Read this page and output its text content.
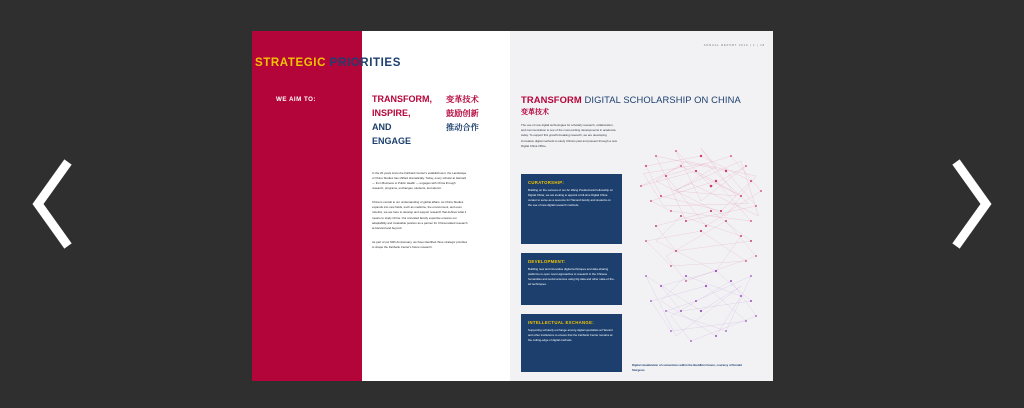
STRATEGIC PRIORITIES
WE AIM TO:	TRANSFORM,
INSPIRE,
AND
ENGAGE
变革技术
鼓励创新
推动合作

In the 20 years since the Fairbank Center's establishment, the Landscape of China Studies has shifted dramatically. Today, every scholar at Harvard — from Business to Public Health — engages with China through research, programs, exchanges, students, and alumni.

China is central to our understanding of global affairs. As China Studies expands into new fields, such as medicine, the environment, and even robotics, we are here to develop and support research that defines what it means to study China. Our unrivaled faculty expertise ensures our adaptability and invaluable position as a partner for China-related research at Harvard and beyond.

As part of our 60th Anniversary, we have identified three strategic priorities to shape the Fairbank Center's future research.

ANNUAL REPORT 2019 | 1 | 18
TRANSFORM DIGITAL SCHOLARSHIP ON CHINA
变革技术

The use of new digital technologies for scholarly research, collaboration, and communication is one of the most exciting developments in academia today. To support this growth-breaking research, we are developing innovative digital methods to study China's past and present through a new Digital China Office.

CURATORSHIP:
Building on the success of our An Wang Postdoctoral Fellowship on Digital China, we are looking to appoint a full-time Digital China curator to serve as a resource for Harvard faculty and students on the use of new digital research methods.
DEVELOPMENT:
Building new and innovative digital techniques and data-sharing platforms to open novel approaches to research in the Chinese humanities and social sciences using big data and other state-of-the-art techniques.
INTELLECTUAL EXCHANGE:
Supporting scholarly exchange among digital specialists at Harvard and other institutions to ensure that the Fairbank Center remains at the cutting-edge of digital methods.
Digital visualization of connections within the Buddhist Canon, courtesy of Donald Sturgeon.
